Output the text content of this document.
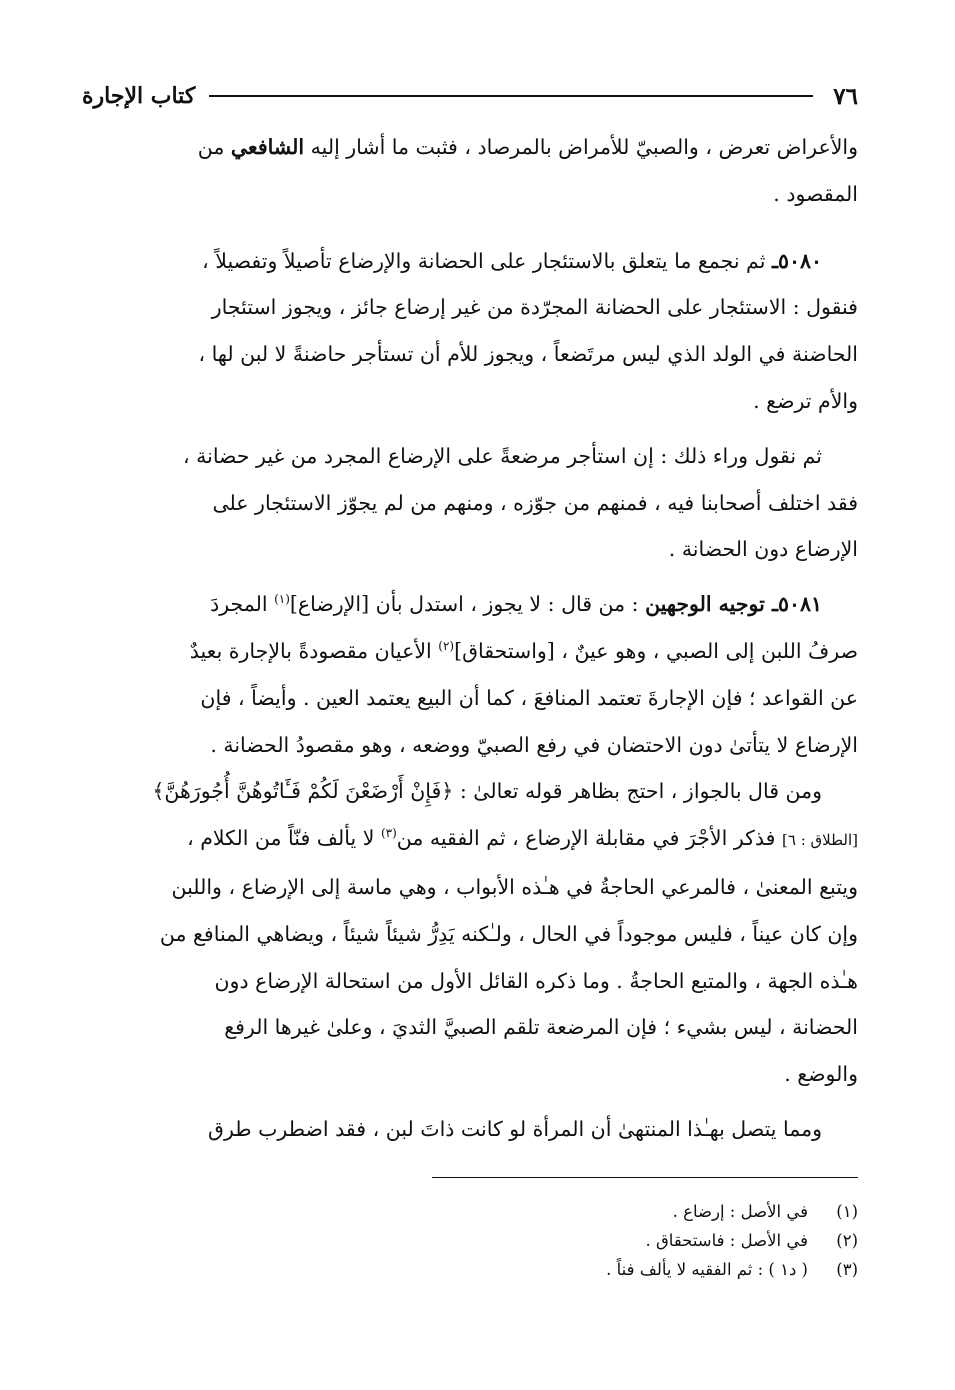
٧٦
كتاب الإجارة

والأعراض تعرض ، والصبيّ للأمراض بالمرصاد ، فثبت ما أشار إليه الشافعي من
المقصود .

٥٠٨٠ـ ثم نجمع ما يتعلق بالاستئجار على الحضانة والإرضاع تأصيلاً وتفصيلاً ،
فنقول : الاستئجار على الحضانة المجرّدة من غير إرضاع جائز ، ويجوز استئجار
الحاضنة في الولد الذي ليس مرتَضعاً ، ويجوز للأم أن تستأجر حاضنةً لا لبن لها ،
والأم ترضع .

ثم نقول وراء ذلك : إن استأجر مرضعةً على الإرضاع المجرد من غير حضانة ،
فقد اختلف أصحابنا فيه ، فمنهم من جوّزه ، ومنهم من لم يجوّز الاستئجار على
الإرضاع دون الحضانة .

٥٠٨١ـ توجيه الوجهين : من قال : لا يجوز ، استدل بأن [الإرضاع]$^{(١)}$ المجردَ
صرفُ اللبن إلى الصبي ، وهو عينٌ ، [واستحقاق]$^{(٢)}$ الأعيان مقصودةً بالإجارة بعيدٌ
عن القواعد ؛ فإن الإجارةَ تعتمد المنافعَ ، كما أن البيع يعتمد العين . وأيضاً ، فإن
الإرضاع لا يتأتىٰ دون الاحتضان في رفع الصبيّ ووضعه ، وهو مقصودُ الحضانة .

ومن قال بالجواز ، احتج بظاهر قوله تعالىٰ : ﴿فَإِنْ أَرْضَعْنَ لَكُمْ فَـَٔاتُوهُنَّ أُجُورَهُنَّ﴾
[الطلاق : ٦] فذكر الأجْرَ في مقابلة الإرضاع ، ثم الفقيه من$^{(٣)}$ لا يألف فنّاً من الكلام ،
ويتبع المعنىٰ ، فالمرعي الحاجةُ في هـٰذه الأبواب ، وهي ماسة إلى الإرضاع ، واللبن
وإن كان عيناً ، فليس موجوداً في الحال ، ولـٰكنه يَدِرُّ شيئاً شيئاً ، ويضاهي المنافع من
هـٰذه الجهة ، والمتبع الحاجةُ . وما ذكره القائل الأول من استحالة الإرضاع دون
الحضانة ، ليس بشيء ؛ فإن المرضعة تلقم الصبيَّ الثديَ ، وعلىٰ غيرها الرفع
والوضع .

ومما يتصل بهـٰذا المنتهىٰ أن المرأة لو كانت ذاتَ لبن ، فقد اضطرب طرق

(١)
في الأصل : إرضاع .
(٢)
في الأصل : فاستحقاق .
(٣)
( د١ ) : ثم الفقيه لا يألف فناً .
